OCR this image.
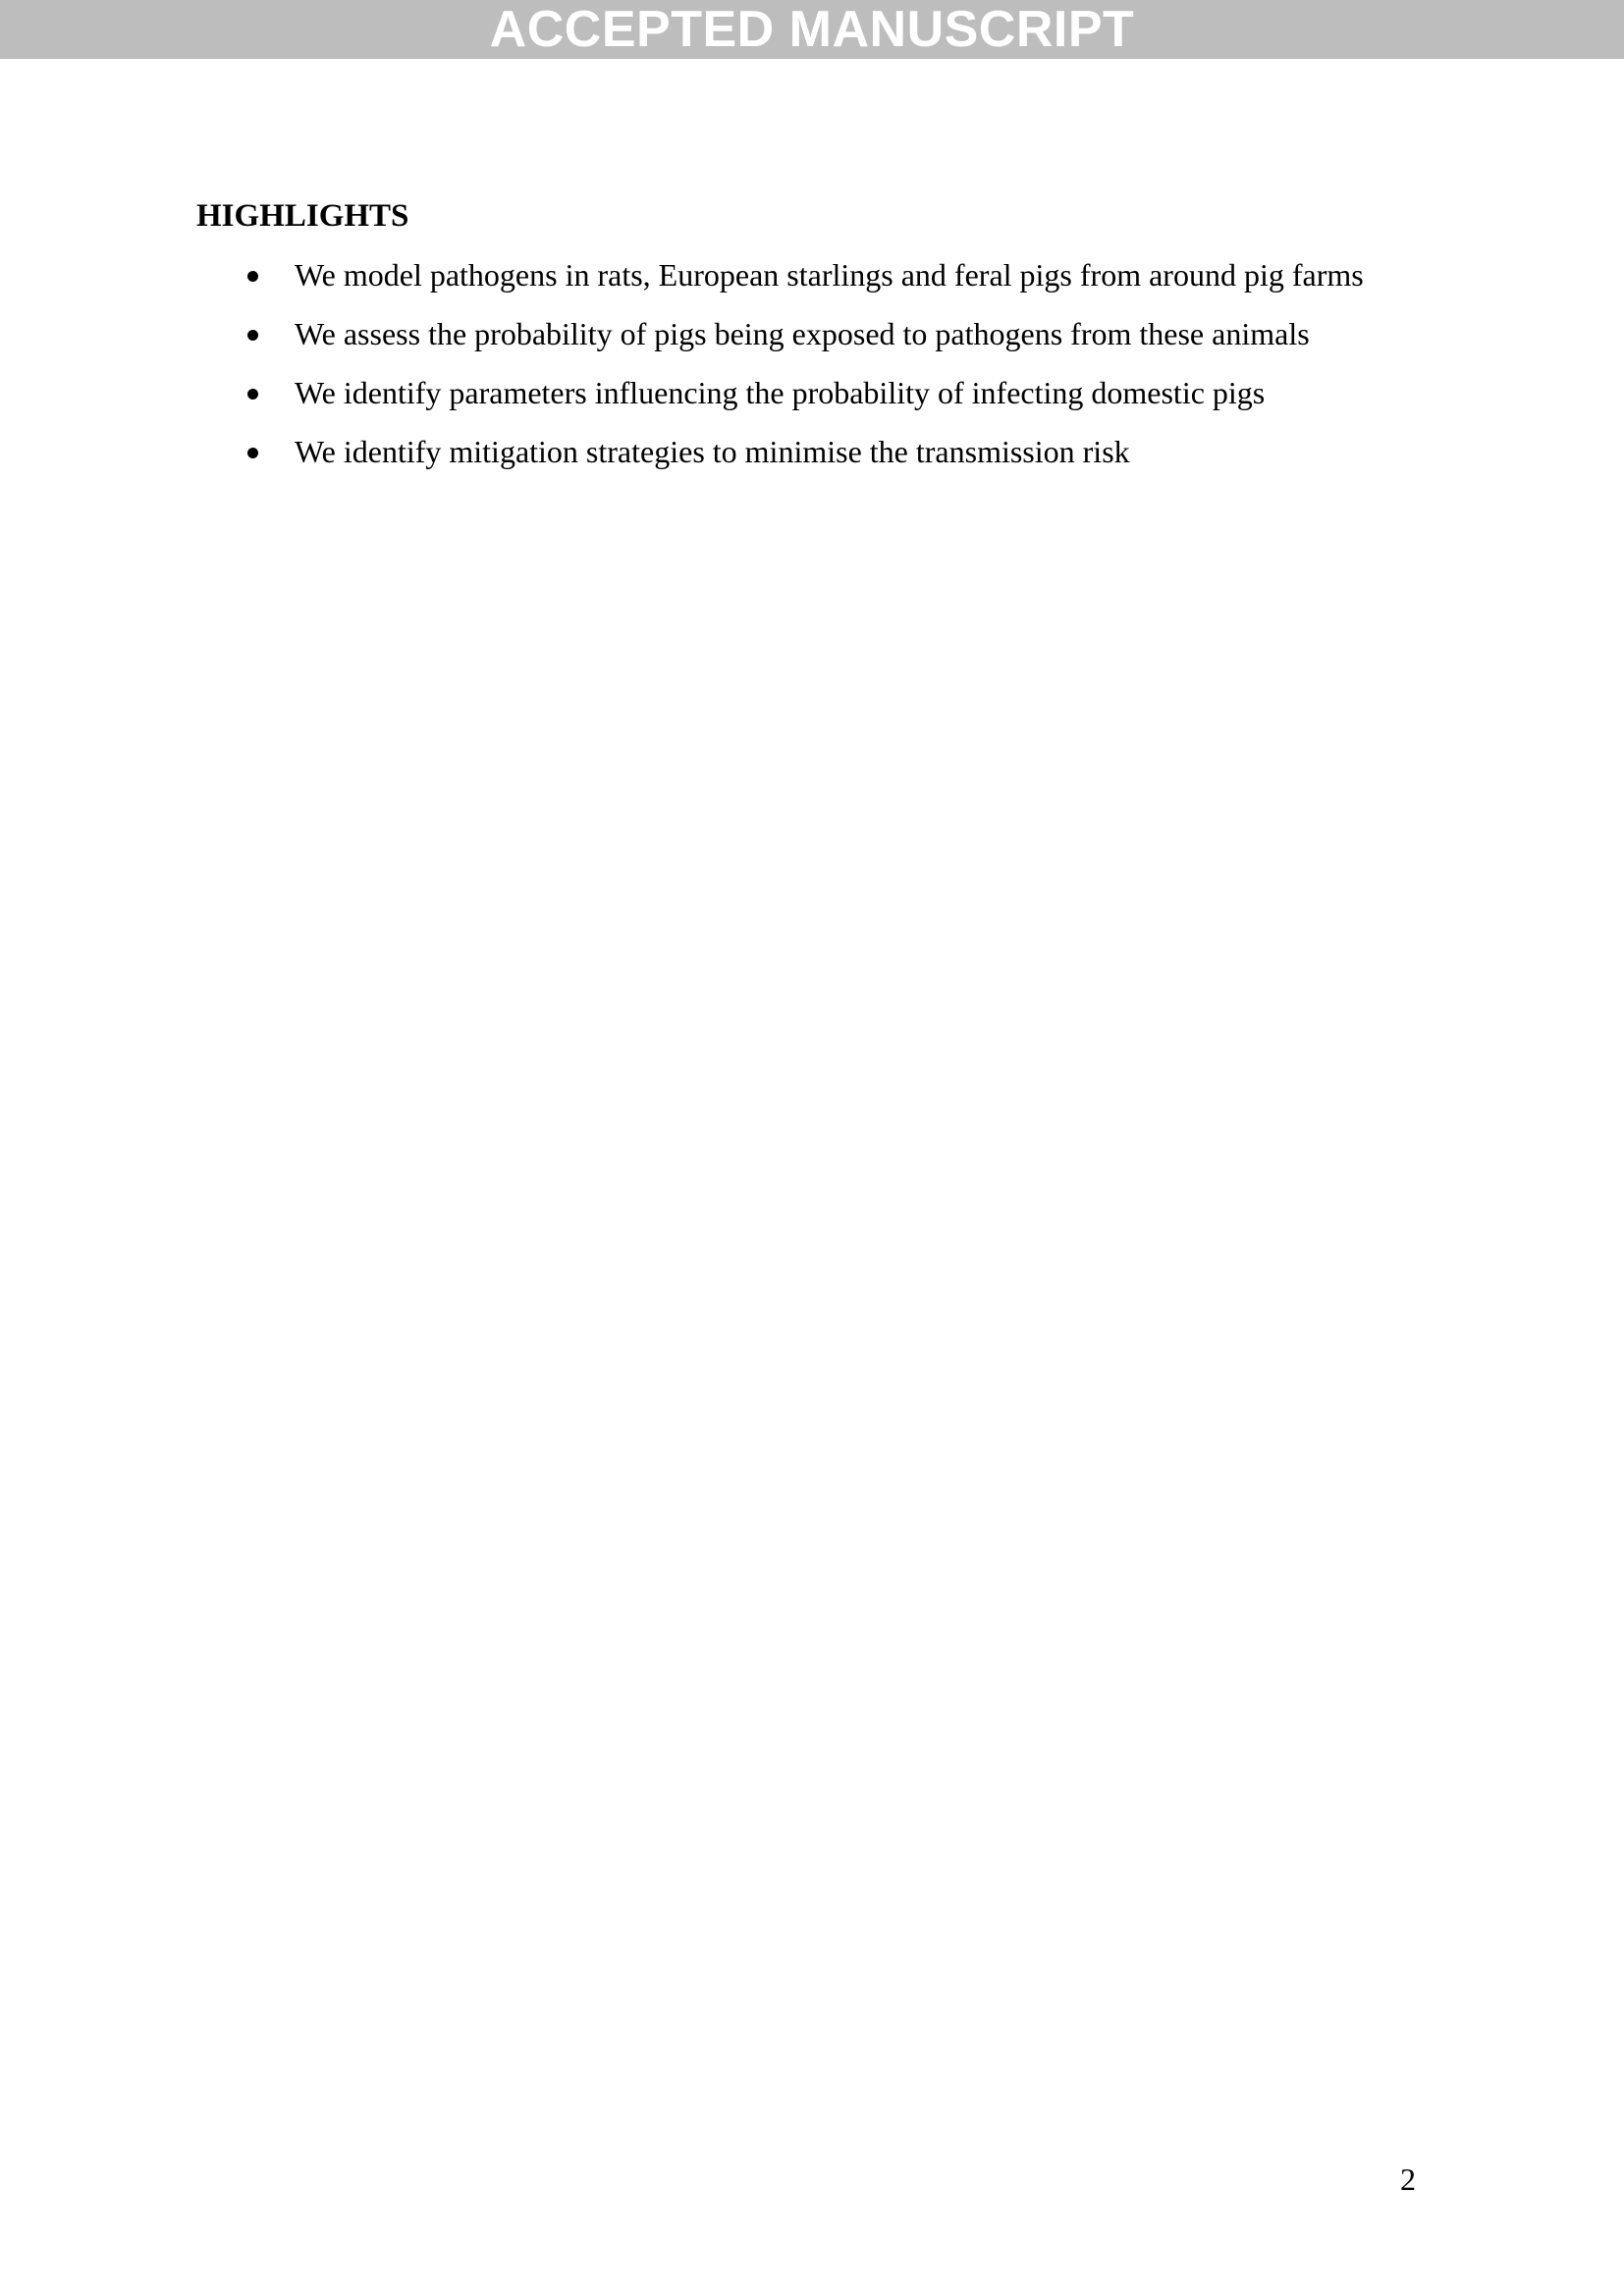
ACCEPTED MANUSCRIPT
HIGHLIGHTS
We model pathogens in rats, European starlings and feral pigs from around pig farms
We assess the probability of pigs being exposed to pathogens from these animals
We identify parameters influencing the probability of infecting domestic pigs
We identify mitigation strategies to minimise the transmission risk
2
